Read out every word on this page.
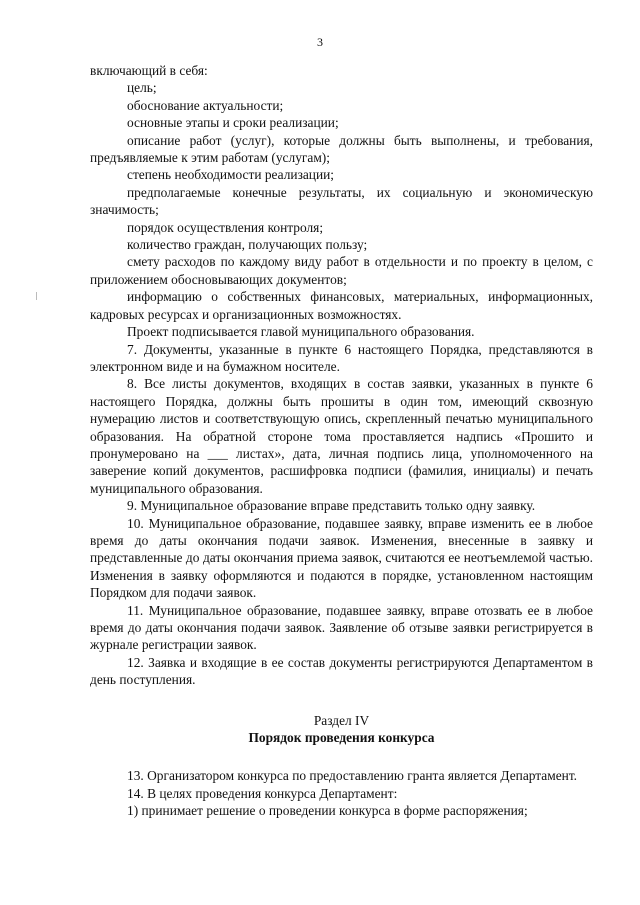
3

включающий в себя:

цель;

обоснование актуальности;

основные этапы и сроки реализации;

описание работ (услуг), которые должны быть выполнены, и требования, предъявляемые к этим работам (услугам);

степень необходимости реализации;

предполагаемые конечные результаты, их социальную и экономическую значимость;

порядок осуществления контроля;

количество граждан, получающих пользу;

смету расходов по каждому виду работ в отдельности и по проекту в целом, с приложением обосновывающих документов;

информацию о собственных финансовых, материальных, информационных, кадровых ресурсах и организационных возможностях.

Проект подписывается главой муниципального образования.

7. Документы, указанные в пункте 6 настоящего Порядка, представляются в электронном виде и на бумажном носителе.

8. Все листы документов, входящих в состав заявки, указанных в пункте 6 настоящего Порядка, должны быть прошиты в один том, имеющий сквозную нумерацию листов и соответствующую опись, скрепленный печатью муниципального образования. На обратной стороне тома проставляется надпись «Прошито и пронумеровано на ___ листах», дата, личная подпись лица, уполномоченного на заверение копий документов, расшифровка подписи (фамилия, инициалы) и печать муниципального образования.

9. Муниципальное образование вправе представить только одну заявку.

10. Муниципальное образование, подавшее заявку, вправе изменить ее в любое время до даты окончания подачи заявок. Изменения, внесенные в заявку и представленные до даты окончания приема заявок, считаются ее неотъемлемой частью. Изменения в заявку оформляются и подаются в порядке, установленном настоящим Порядком для подачи заявок.

11. Муниципальное образование, подавшее заявку, вправе отозвать ее в любое время до даты окончания подачи заявок. Заявление об отзыве заявки регистрируется в журнале регистрации заявок.

12. Заявка и входящие в ее состав документы регистрируются Департаментом в день поступления.

Раздел IV

Порядок проведения конкурса

13. Организатором конкурса по предоставлению гранта является Департамент.

14. В целях проведения конкурса Департамент:

1) принимает решение о проведении конкурса в форме распоряжения;
